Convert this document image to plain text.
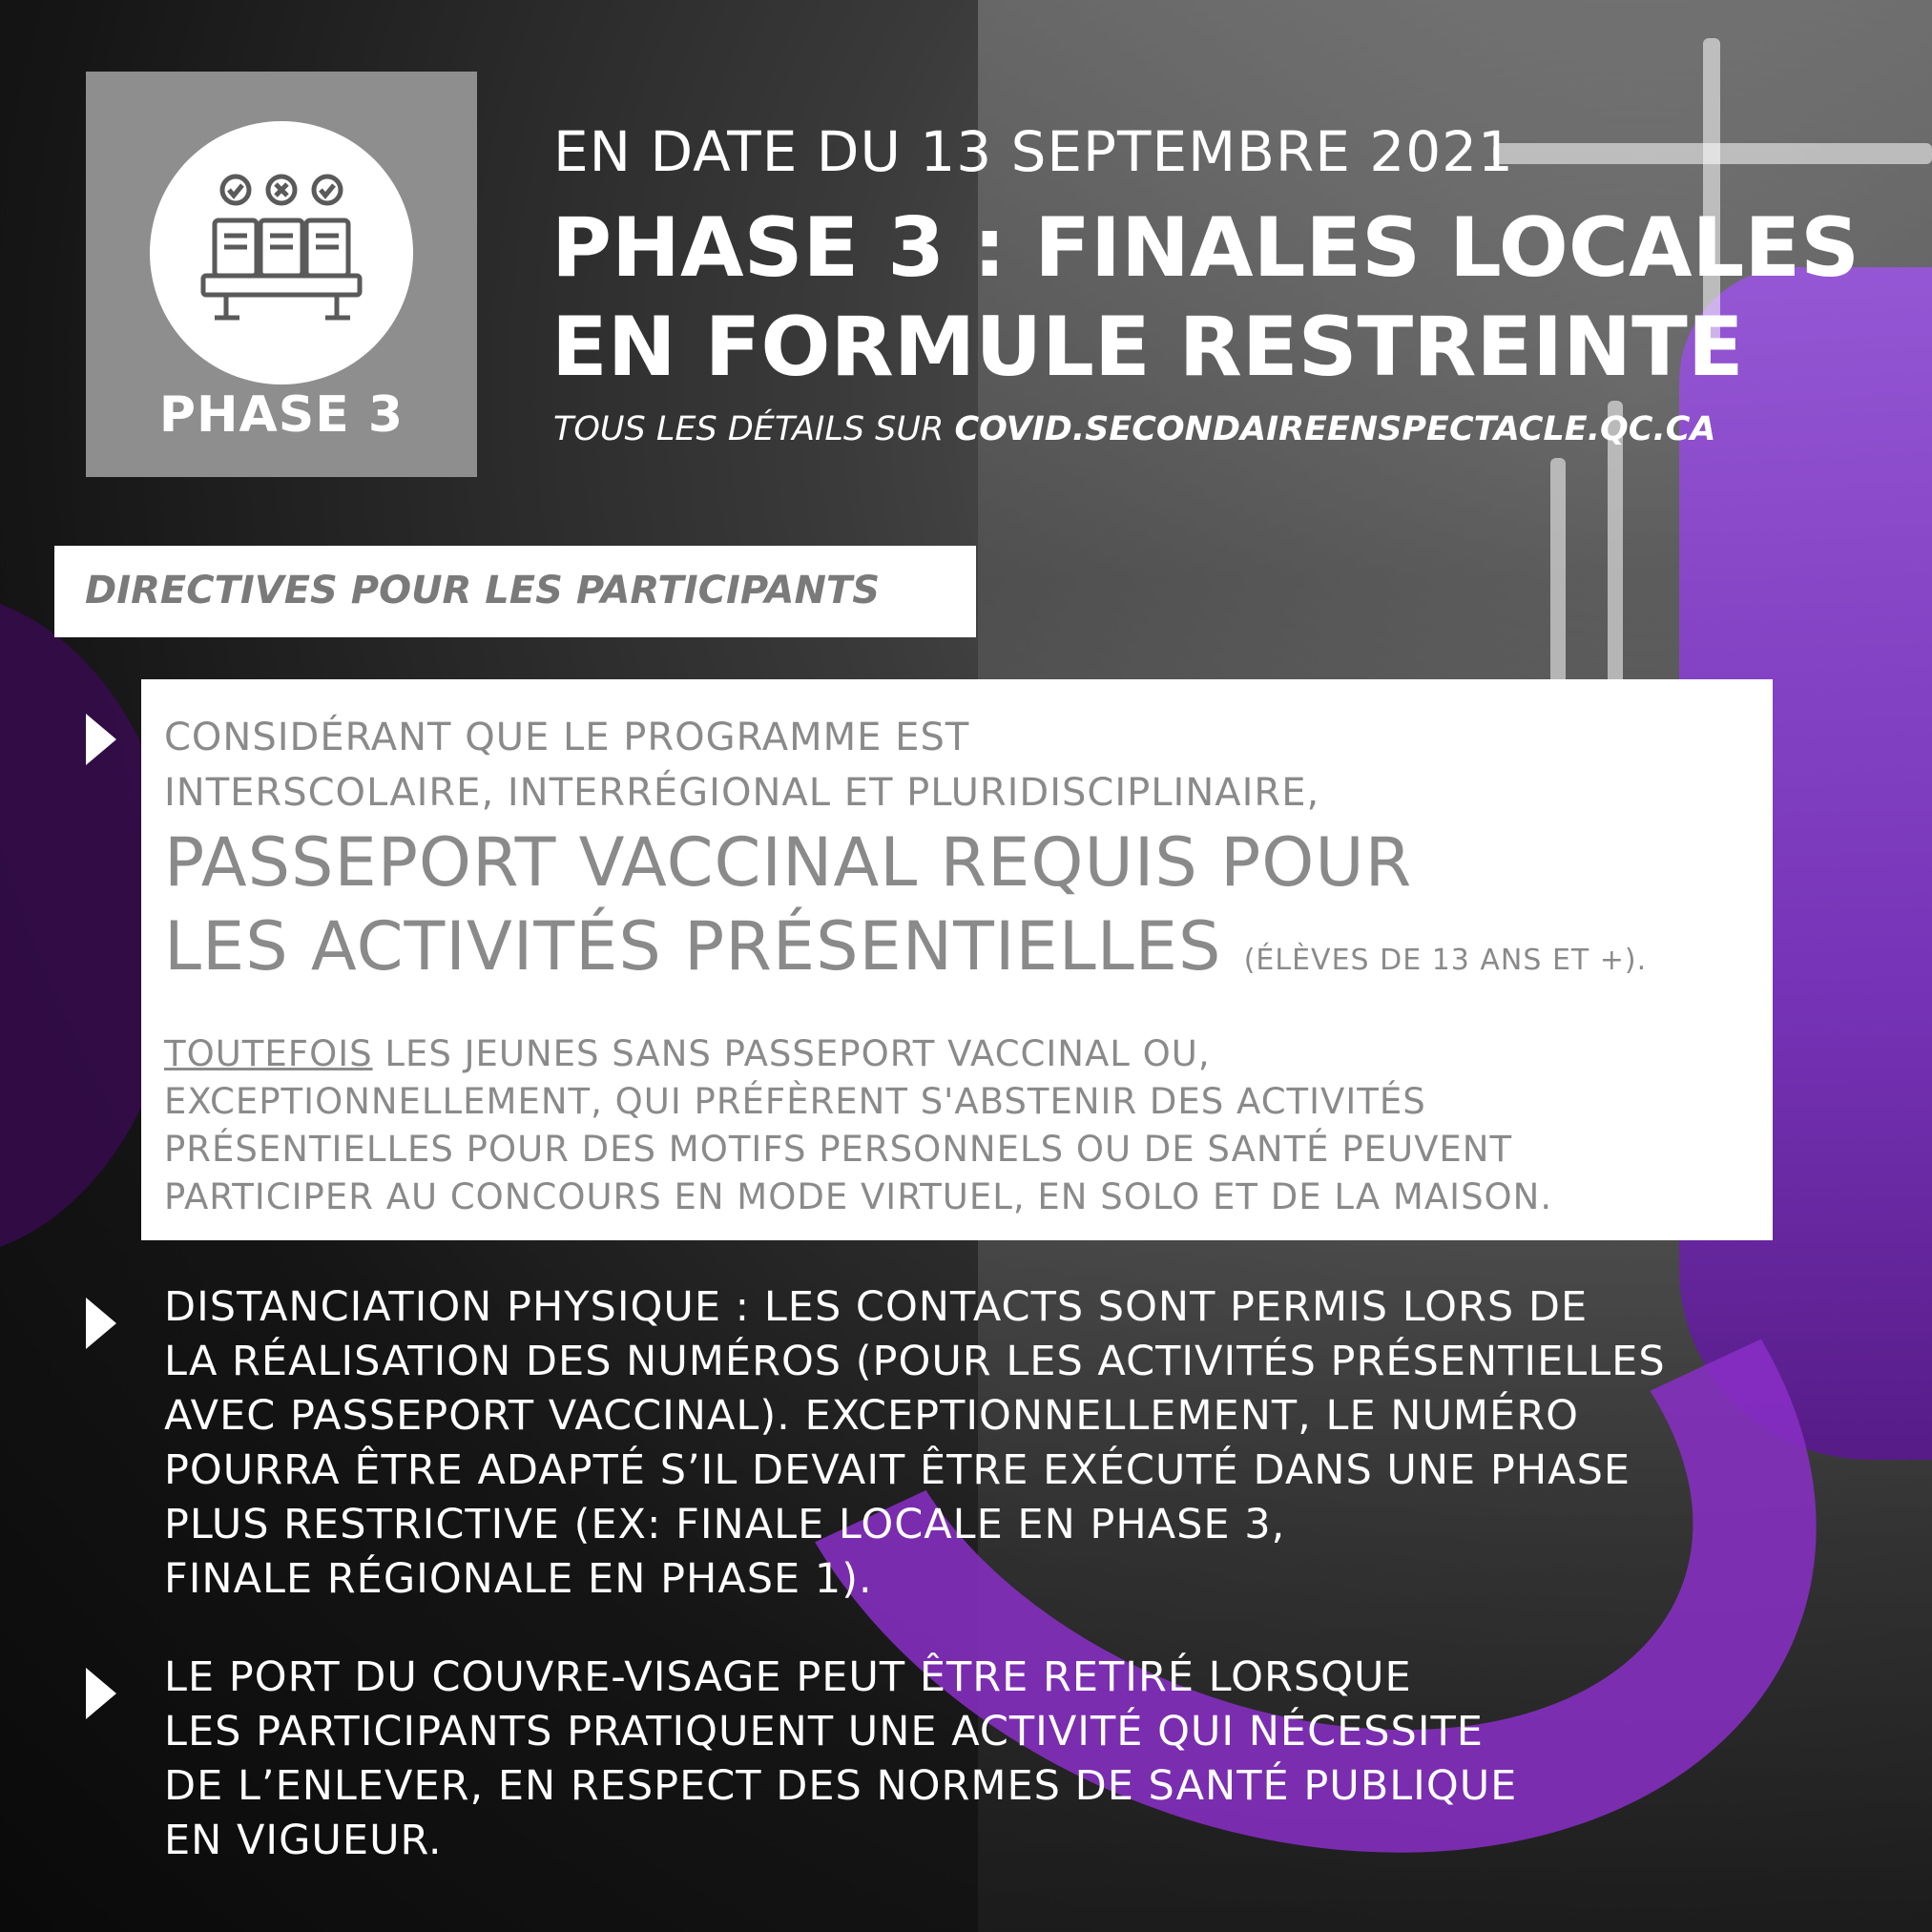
PHASE 3
EN DATE DU 13 SEPTEMBRE 2021
PHASE 3 : FINALES LOCALES
EN FORMULE RESTREINTE
TOUS LES DÉTAILS SUR COVID.SECONDAIREENSPECTACLE.QC.CA
DIRECTIVES POUR LES PARTICIPANTS
CONSIDÉRANT QUE LE PROGRAMME EST
INTERSCOLAIRE, INTERRÉGIONAL ET PLURIDISCIPLINAIRE,
PASSEPORT VACCINAL REQUIS POUR
LES ACTIVITÉS PRÉSENTIELLES (ÉLÈVES DE 13 ANS ET +).
TOUTEFOIS LES JEUNES SANS PASSEPORT VACCINAL OU,
EXCEPTIONNELLEMENT, QUI PRÉFÈRENT S'ABSTENIR DES ACTIVITÉS
PRÉSENTIELLES POUR DES MOTIFS PERSONNELS OU DE SANTÉ PEUVENT
PARTICIPER AU CONCOURS EN MODE VIRTUEL, EN SOLO ET DE LA MAISON.
DISTANCIATION PHYSIQUE : LES CONTACTS SONT PERMIS LORS DE
LA RÉALISATION DES NUMÉROS (POUR LES ACTIVITÉS PRÉSENTIELLES
AVEC PASSEPORT VACCINAL). EXCEPTIONNELLEMENT, LE NUMÉRO
POURRA ÊTRE ADAPTÉ S’IL DEVAIT ÊTRE EXÉCUTÉ DANS UNE PHASE
PLUS RESTRICTIVE (EX: FINALE LOCALE EN PHASE 3,
FINALE RÉGIONALE EN PHASE 1).
LE PORT DU COUVRE-VISAGE PEUT ÊTRE RETIRÉ LORSQUE
LES PARTICIPANTS PRATIQUENT UNE ACTIVITÉ QUI NÉCESSITE
DE L’ENLEVER, EN RESPECT DES NORMES DE SANTÉ PUBLIQUE
EN VIGUEUR.
